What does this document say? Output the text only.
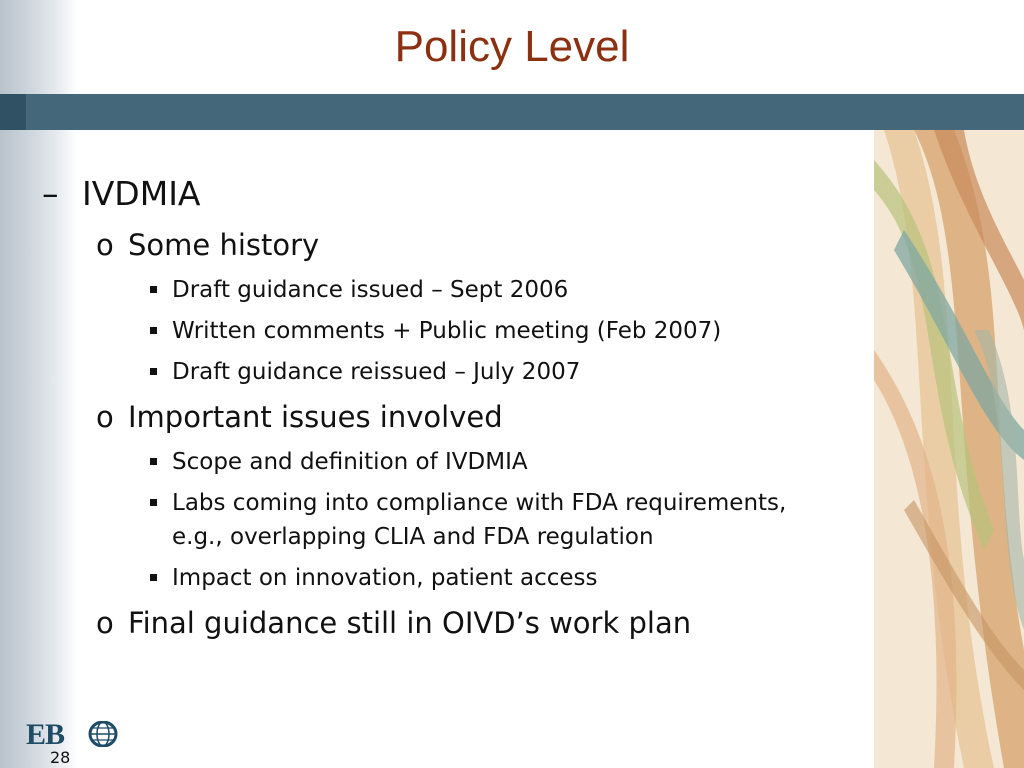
Policy Level
– IVDMIA
o Some history
Draft guidance issued – Sept 2006
Written comments + Public meeting (Feb 2007)
Draft guidance reissued – July 2007
o Important issues involved
Scope and definition of IVDMIA
Labs coming into compliance with FDA requirements,
e.g., overlapping CLIA and FDA regulation
Impact on innovation, patient access
o Final guidance still in OIVD’s work plan
EB
28
